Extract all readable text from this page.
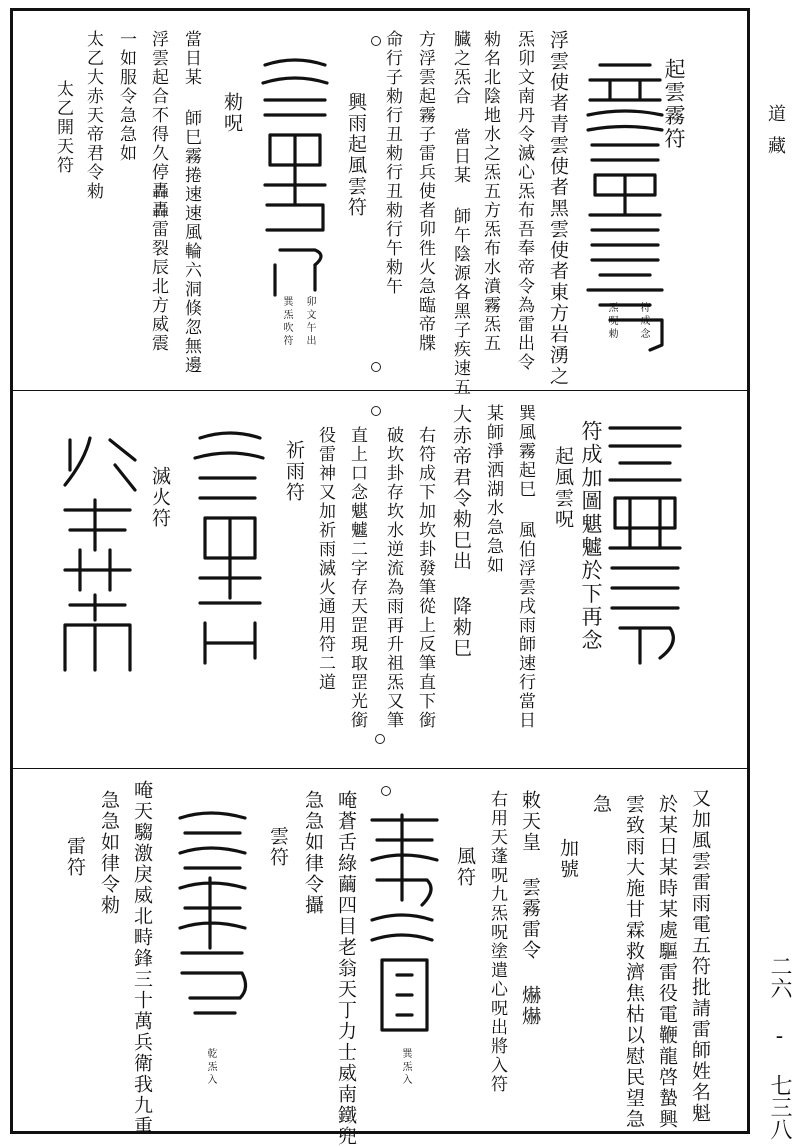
道藏
二六 - 七三八
起雲霧符
符成念
炁呪勑
浮雲使者青雲使者黑雲使者東方岩湧之
炁卯文南丹令滅心炁布吾奉帝令為雷出令
勑名北陰地水之炁五方炁布水濆霧炁五
臓之炁合 當日某 師午陰源各黑子疾速五
方浮雲起霧子雷兵使者卯徃火急臨帝牒
命行子勑行丑勑行丑勑行午勑午
興雨起風雲符
卯文午出
巽炁吹符
勑呪
當日某 師巳霧捲速速風輪六洞倏忽無邊
浮雲起合不得久停轟轟雷裂辰北方威震
一如服令急急如
太乙大赤天帝君令勑
太乙開天符
符成加圖魌魖於下再念
起風雲呪
巽風霧起巳 風伯浮雲戌雨師速行當日
某師淨洒湖水急急如
大赤帝君令勑巳出 降勑巳
右符成下加坎卦發筆從上反筆直下銜
破坎卦存坎水逆流為雨再升祖炁又筆
直上口念魌魖二字存天罡現取罡光銜
役雷神又加祈雨滅火通用符二道
祈雨符
滅火符
又加風雲雷雨電五符批請雷師姓名魁
於某日某時某處驅雷役電鞭龍啓蟄興
雲致雨大施甘霖救濟焦枯以慰民望急
急
加號
敕天皇 雲霧雷令 爀爀
右用天蓬呪九炁呪塗遣心呪出將入符
風符
巽炁入
唵蒼舌綠繭四目老翁天丁力士威南鐵兜
急急如律令攝
雲符
乾炁入
唵天騶激戾威北畤鋒三十萬兵衛我九重
急急如律令勑
雷符
